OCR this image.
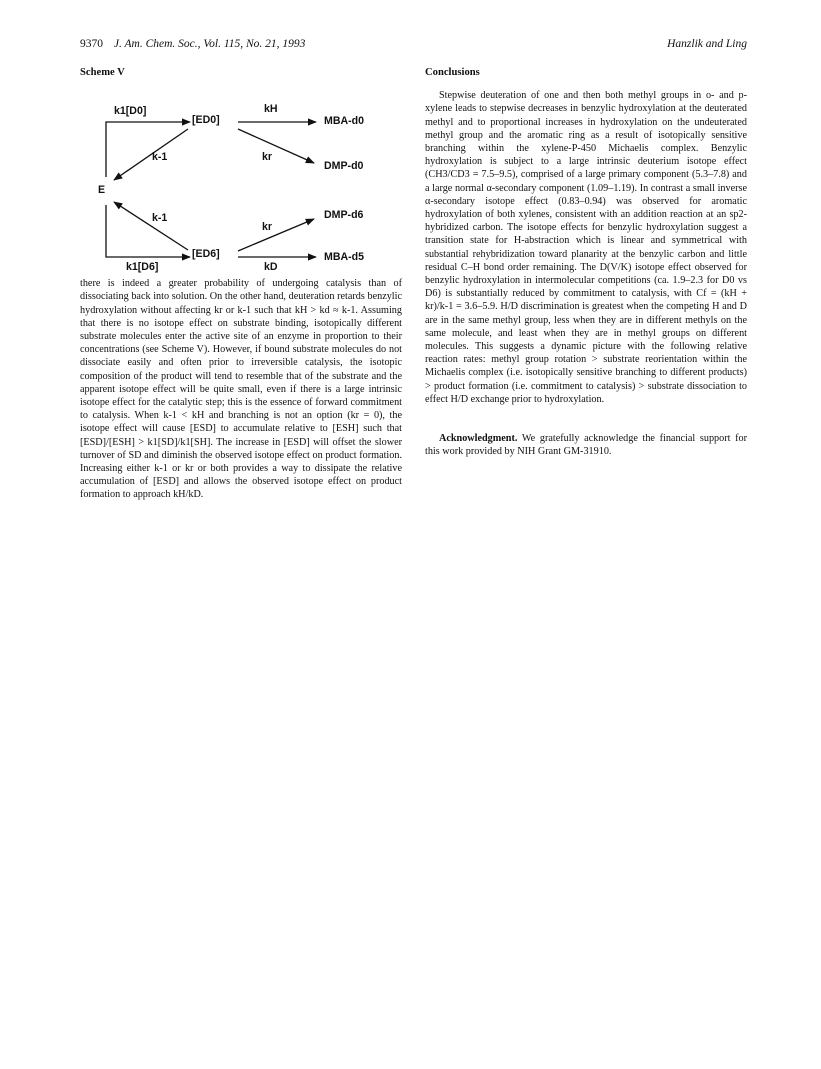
9370 J. Am. Chem. Soc., Vol. 115, No. 21, 1993	Hanzlik and Ling
Scheme V
k1[D0]
[ED0]
kH
MBA-d0
k-1	kr
DMP-d0
E
k-1	DMP-d6
kr
[ED6]	MBA-d5
k1[D6]	kD

there is indeed a greater probability of undergoing catalysis than of dissociating back into solution. On the other hand, deuteration retards benzylic hydroxylation without affecting kr or k-1 such that kH > kd ≈ k-1. Assuming that there is no isotope effect on substrate binding, isotopically different substrate molecules enter the active site of an enzyme in proportion to their concentrations (see Scheme V). However, if bound substrate molecules do not dissociate easily and often prior to irreversible catalysis, the isotopic composition of the product will tend to resemble that of the substrate and the apparent isotope effect will be quite small, even if there is a large intrinsic isotope effect for the catalytic step; this is the essence of forward commitment to catalysis. When k-1 < kH and branching is not an option (kr = 0), the isotope effect will cause [ESD] to accumulate relative to [ESH] such that [ESD]/[ESH] > k1[SD]/k1[SH]. The increase in [ESD] will offset the slower turnover of SD and diminish the observed isotope effect on product formation. Increasing either k-1 or kr or both provides a way to dissipate the relative accumulation of [ESD] and allows the observed isotope effect on product formation to approach kH/kD.

Conclusions

Stepwise deuteration of one and then both methyl groups in o- and p-xylene leads to stepwise decreases in benzylic hydroxylation at the deuterated methyl and to proportional increases in hydroxylation on the undeuterated methyl group and the aromatic ring as a result of isotopically sensitive branching within the xylene-P-450 Michaelis complex. Benzylic hydroxylation is subject to a large intrinsic deuterium isotope effect (CH3/CD3 = 7.5–9.5), comprised of a large primary component (5.3–7.8) and a large normal α-secondary component (1.09–1.19). In contrast a small inverse α-secondary isotope effect (0.83–0.94) was observed for aromatic hydroxylation of both xylenes, consistent with an addition reaction at an sp2-hybridized carbon. The isotope effects for benzylic hydroxylation suggest a transition state for H-abstraction which is linear and symmetrical with substantial rehybridization toward planarity at the benzylic carbon and little residual C–H bond order remaining. The D(V/K) isotope effect observed for benzylic hydroxylation in intermolecular competitions (ca. 1.9–2.3 for D0 vs D6) is substantially reduced by commitment to catalysis, with Cf = (kH + kr)/k-1 = 3.6–5.9. H/D discrimination is greatest when the competing H and D are in the same methyl group, less when they are in different methyls on the same molecule, and least when they are in methyl groups on different molecules. This suggests a dynamic picture with the following relative reaction rates: methyl group rotation > substrate reorientation within the Michaelis complex (i.e. isotopically sensitive branching to different products) > product formation (i.e. commitment to catalysis) > substrate dissociation to effect H/D exchange prior to hydroxylation.

Acknowledgment. We gratefully acknowledge the financial support for this work provided by NIH Grant GM-31910.
